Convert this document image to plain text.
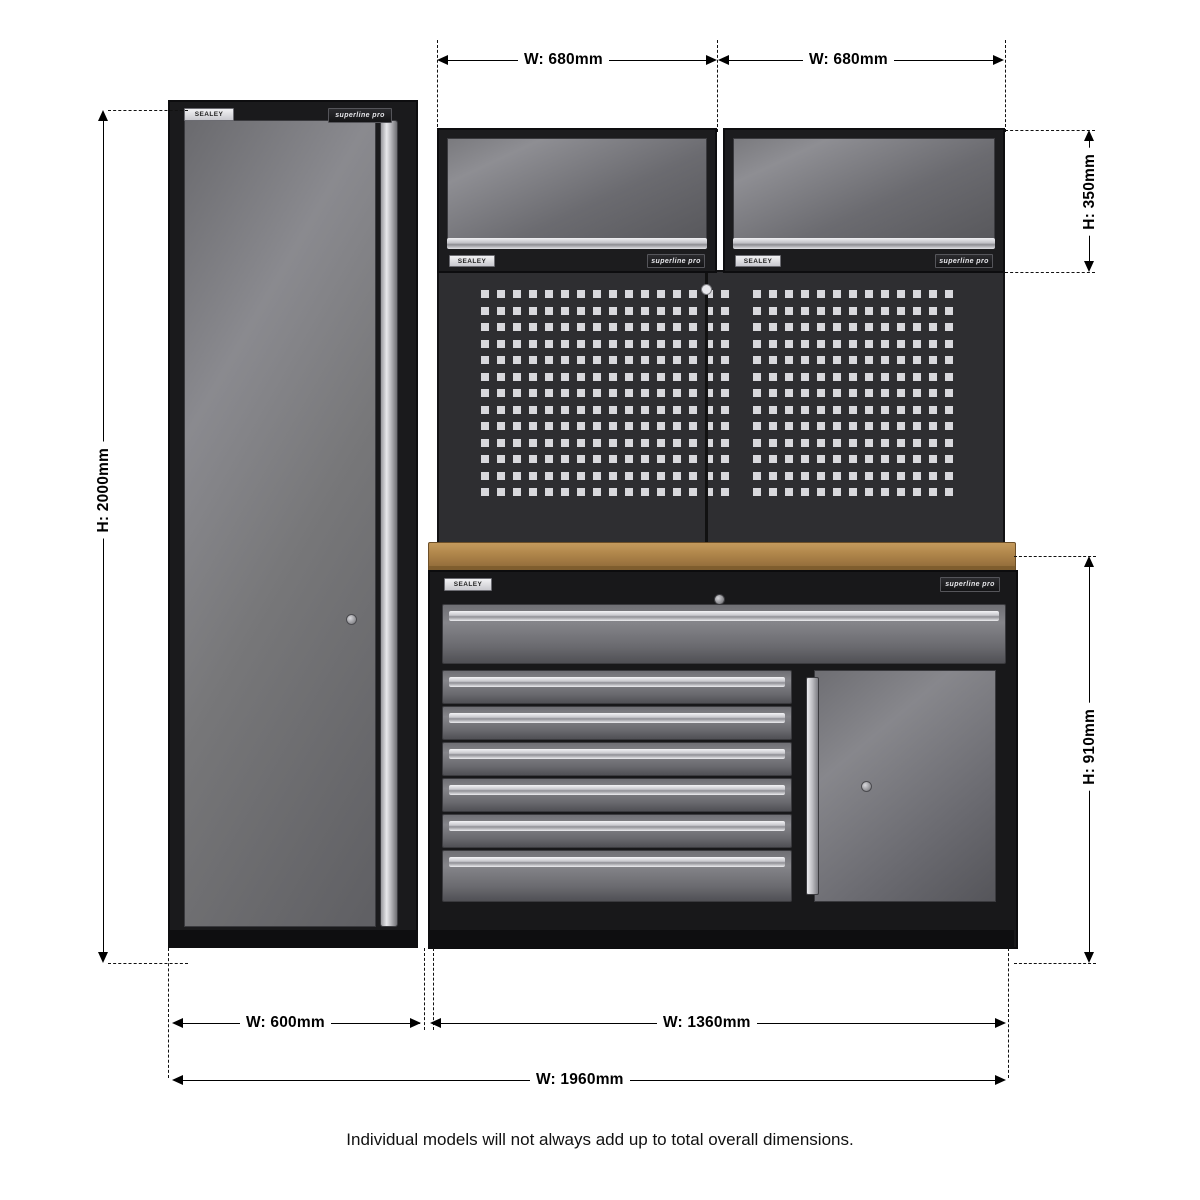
SEALEY	superline pro
SEALEY	superline pro	SEALEY	superline pro
SEALEY	superline pro
W: 680mm	W: 680mm
H: 350mm
H: 2000mm
H: 910mm
W: 600mm	W: 1360mm
W: 1960mm
Individual models will not always add up to total overall dimensions.
